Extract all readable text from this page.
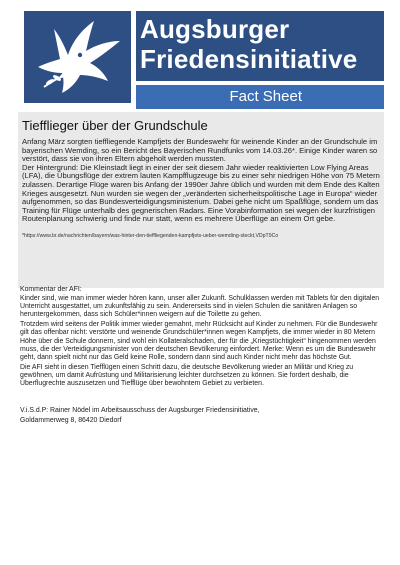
Augsburger
Friedensinitiative
Fact Sheet
Tiefflieger über der Grundschule

Anfang März sorgten tieffliegende Kampfjets der Bundeswehr für weinende Kinder an der Grundschule im bayerischen Wemding, so ein Bericht des Bayerischen Rundfunks vom 14.03.26*. Einige Kinder waren so verstört, dass sie von ihren Eltern abgeholt werden mussten.

Der Hintergrund: Die Kleinstadt liegt in einer der seit diesem Jahr wieder reaktivierten Low Flying Areas (LFA), die Übungsflüge der extrem lauten Kampfflugzeuge bis zu einer sehr niedrigen Höhe von 75 Metern zulassen. Derartige Flüge waren bis Anfang der 1990er Jahre üblich und wurden mit dem Ende des Kalten Krieges ausgesetzt. Nun wurden sie wegen der „veränderten sicherheitspolitische Lage in Europa“ wieder aufgenommen, so das Bundesverteidigungsministerium. Dabei gehe nicht um Spaßflüge, sondern um das Training für Flüge unterhalb des gegnerischen Radars. Eine Vorabinformation sei wegen der kurzfristigen Routenplanung schwierig und finde nur statt, wenn es mehrere Überflüge an einem Ort gebe.

*https://www.br.de/nachrichten/bayern/was-hinter-den-tieffliegenden-kampfjets-ueber-wemding-steckt,VDpT9Co

Kommentar der AFI:

Kinder sind, wie man immer wieder hören kann, unser aller Zukunft. Schulklassen werden mit Tablets für den digitalen Unterricht ausgestattet, um zukunftsfähig zu sein. Andererseits sind in vielen Schulen die sanitären Anlagen so heruntergekommen, dass sich Schüler*innen weigern auf die Toilette zu gehen.

Trotzdem wird seitens der Politik immer wieder gemahnt, mehr Rücksicht auf Kinder zu nehmen. Für die Bundeswehr gilt das offenbar nicht: verstörte und weinende Grundschüler*innen wegen Kampfjets, die immer wieder in 80 Metern Höhe über die Schule donnern, sind wohl ein Kollateralschaden, der für die „Kriegstüchtigkeit“ hingenommen werden muss, die der Verteidigungsminister von der deutschen Bevölkerung einfordert. Merke: Wenn es um die Bundeswehr geht, dann spielt nicht nur das Geld keine Rolle, sondern dann sind auch Kinder nicht mehr das höchste Gut.

Die AFI sieht in diesen Tiefflügen einen Schritt dazu, die deutsche Bevölkerung wieder an Militär und Krieg zu gewöhnen, um damit Aufrüstung und Militarisierung leichter durchsetzen zu können. Sie fordert deshalb, die Überflugrechte auszusetzen und Tiefflüge über bewohntem Gebiet zu verbieten.

V.i.S.d.P: Rainer Nödel im Arbeitsausschuss der Augsburger Friedensinitiative,
Goldammerweg 8, 86420 Diedorf
